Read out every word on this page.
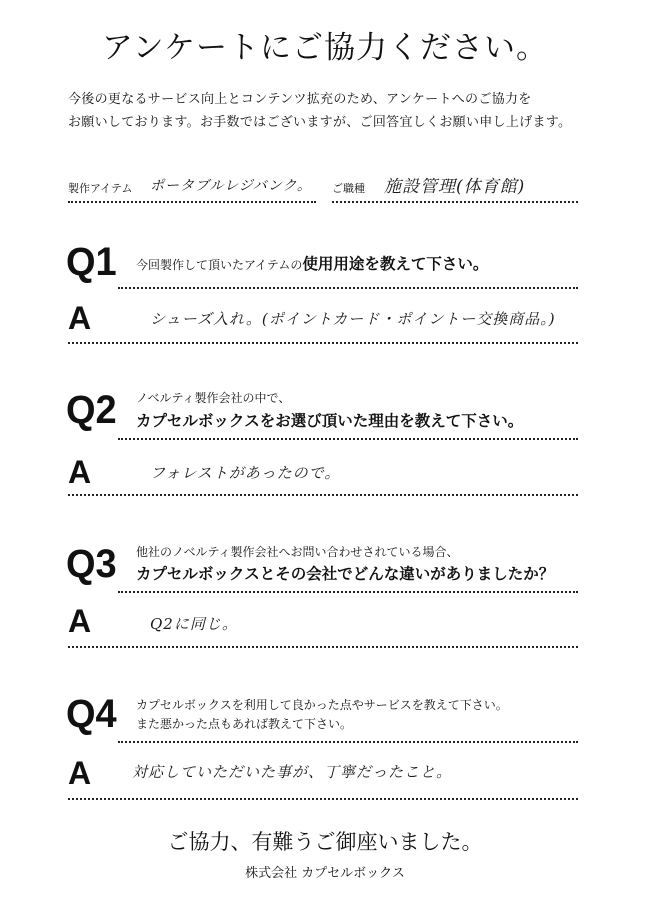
アンケートにご協力ください。
今後の更なるサービス向上とコンテンツ拡充のため、アンケートへのご協力を
お願いしております。お手数ではございますが、ご回答宜しくお願い申し上げます。
製作アイテム ポータブルレジバンク。 ご職種 施設管理(体育館)
Q1 今回製作して頂いたアイテムの使用用途を教えて下さい。
A	シューズ入れ。(ポイントカード・ポイントー交換商品。)
Q2 ノベルティ製作会社の中で、
カプセルボックスをお選び頂いた理由を教えて下さい。
A	フォレストがあったので。
Q3 他社のノベルティ製作会社へお問い合わせされている場合、
カプセルボックスとその会社でどんな違いがありましたか？
A	Q2に同じ。
Q4 カプセルボックスを利用して良かった点やサービスを教えて下さい。
また悪かった点もあれば教えて下さい。
A	対応していただいた事が、丁寧だったこと。
ご協力、有難うご御座いました。
株式会社 カプセルボックス
